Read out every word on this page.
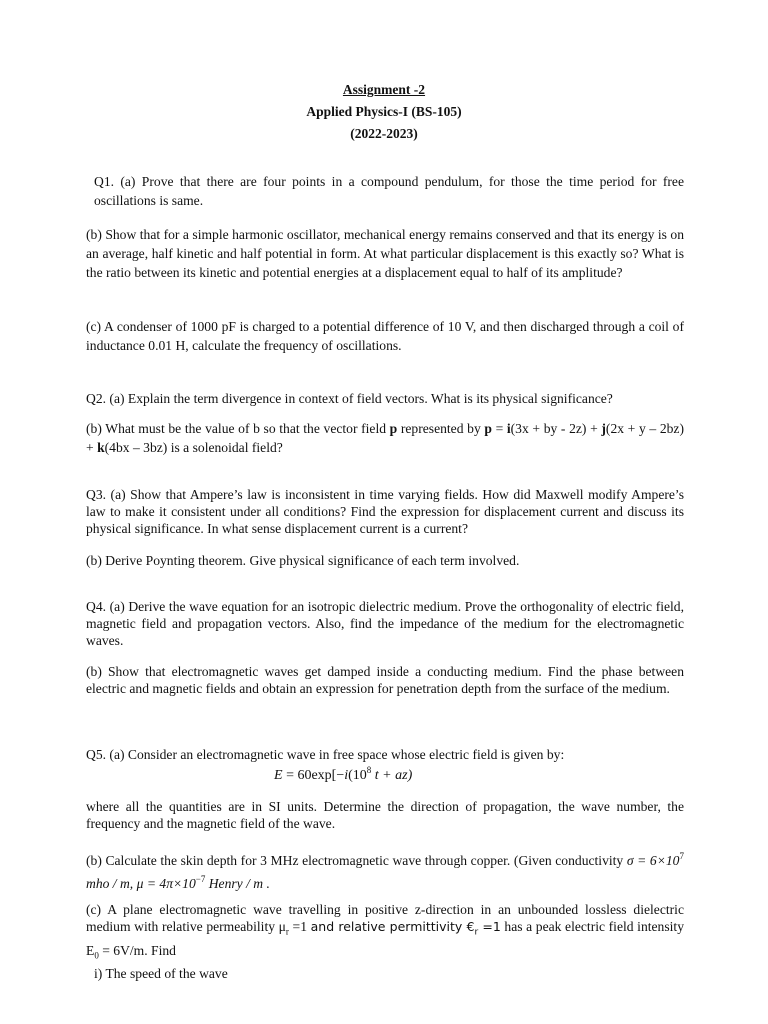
Assignment -2
Applied Physics-I (BS-105)
(2022-2023)

Q1. (a) Prove that there are four points in a compound pendulum, for those the time period for free oscillations is same.

(b) Show that for a simple harmonic oscillator, mechanical energy remains conserved and that its energy is on an average, half kinetic and half potential in form. At what particular displacement is this exactly so? What is the ratio between its kinetic and potential energies at a displacement equal to half of its amplitude?

(c) A condenser of 1000 pF is charged to a potential difference of 10 V, and then discharged through a coil of inductance 0.01 H, calculate the frequency of oscillations.

Q2. (a) Explain the term divergence in context of field vectors. What is its physical significance?

(b) What must be the value of b so that the vector field p represented by p = i(3x + by - 2z) + j(2x + y – 2bz) + k(4bx – 3bz) is a solenoidal field?

Q3. (a) Show that Ampere’s law is inconsistent in time varying fields. How did Maxwell modify Ampere’s law to make it consistent under all conditions? Find the expression for displacement current and discuss its physical significance. In what sense displacement current is a current?

(b) Derive Poynting theorem. Give physical significance of each term involved.

Q4. (a) Derive the wave equation for an isotropic dielectric medium. Prove the orthogonality of electric field, magnetic field and propagation vectors. Also, find the impedance of the medium for the electromagnetic waves.

(b) Show that electromagnetic waves get damped inside a conducting medium. Find the phase between electric and magnetic fields and obtain an expression for penetration depth from the surface of the medium.

Q5. (a) Consider an electromagnetic wave in free space whose electric field is given by:

$E = 60\exp[-i(10^8$ t + az)

where all the quantities are in SI units. Determine the direction of propagation, the wave number, the frequency and the magnetic field of the wave.

(b) Calculate the skin depth for 3 MHz electromagnetic wave through copper. (Given conductivity $\sigma = 6\times 10^7$ mho / m, $\mu = 4\pi\times 10^{-7}$ Henry / m .

(c) A plane electromagnetic wave travelling in positive z-direction in an unbounded lossless dielectric medium with relative permeability $\mu_r =1$ and relative permittivity $€_r =1$ has a peak electric field intensity $E_0 = 6V/m$. Find

i) The speed of the wave
